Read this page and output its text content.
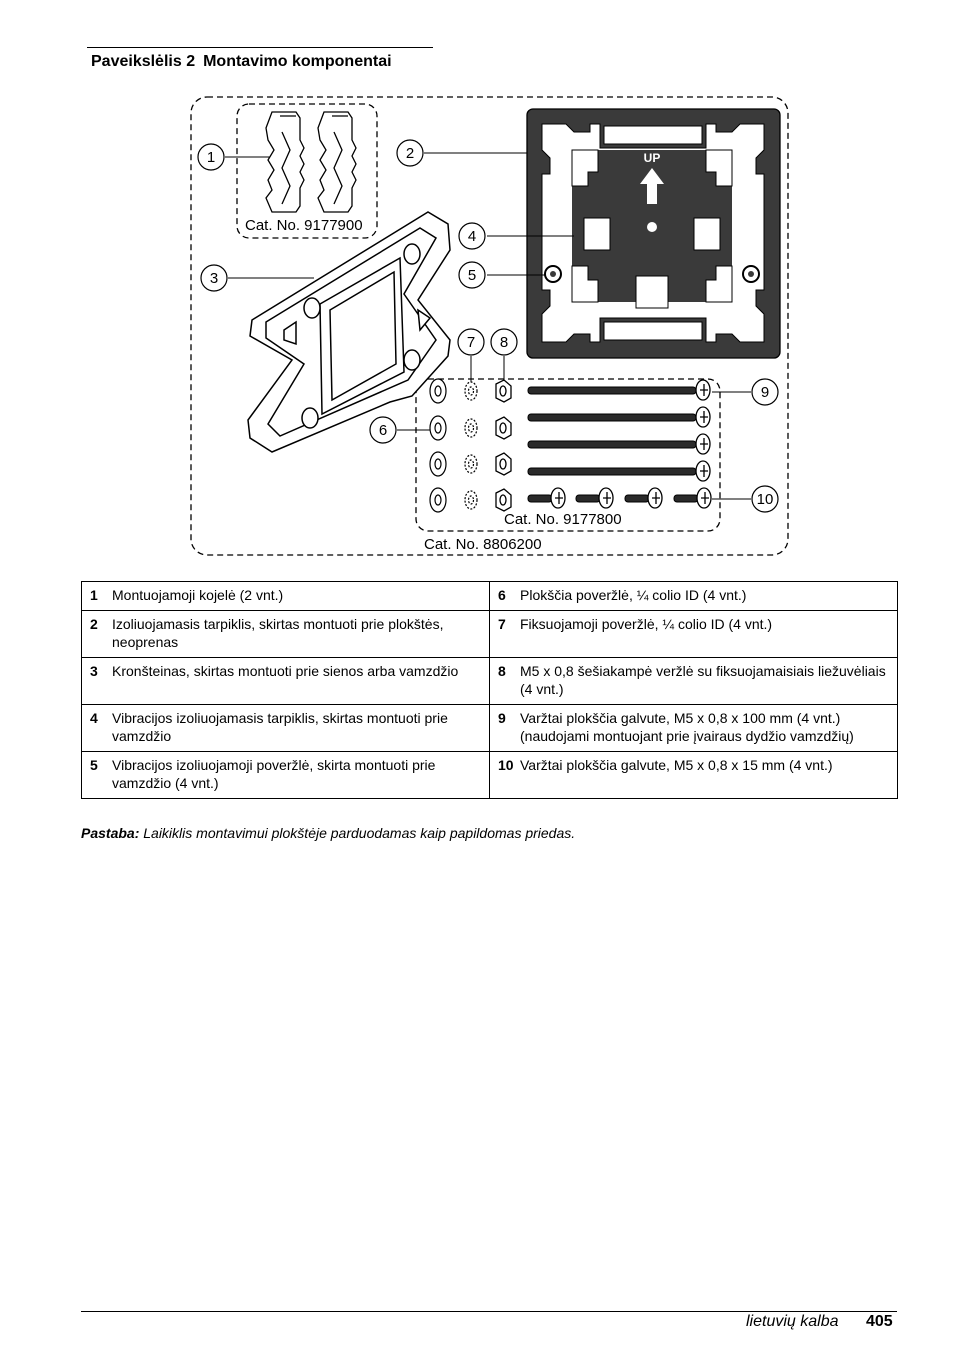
Paveikslėlis 2 Montavimo komponentai
Cat. No. 9177900
UP
Cat. No. 9177800
Cat. No. 8806200
1	2
3
4
5
6
7 8
9
10
1 Montuojamoji kojelė (2 vnt.)	6 Plokščia poveržlė, ¼ colio ID (4 vnt.)
2 Izoliuojamasis tarpiklis, skirtas montuoti prie plokštės, neoprenas	7 Fiksuojamoji poveržlė, ¼ colio ID (4 vnt.)
3 Kronšteinas, skirtas montuoti prie sienos arba vamzdžio	8 M5 x 0,8 šešiakampė veržlė su fiksuojamaisiais liežuvėliais (4 vnt.)
4 Vibracijos izoliuojamasis tarpiklis, skirtas montuoti prie vamzdžio	9 Varžtai plokščia galvute, M5 x 0,8 x 100 mm (4 vnt.) (naudojami montuojant prie įvairaus dydžio vamzdžių)
5 Vibracijos izoliuojamoji poveržlė, skirta montuoti prie vamzdžio (4 vnt.)	10 Varžtai plokščia galvute, M5 x 0,8 x 15 mm (4 vnt.)
Pastaba: Laikiklis montavimui plokštėje parduodamas kaip papildomas priedas.
lietuvių kalba 405
